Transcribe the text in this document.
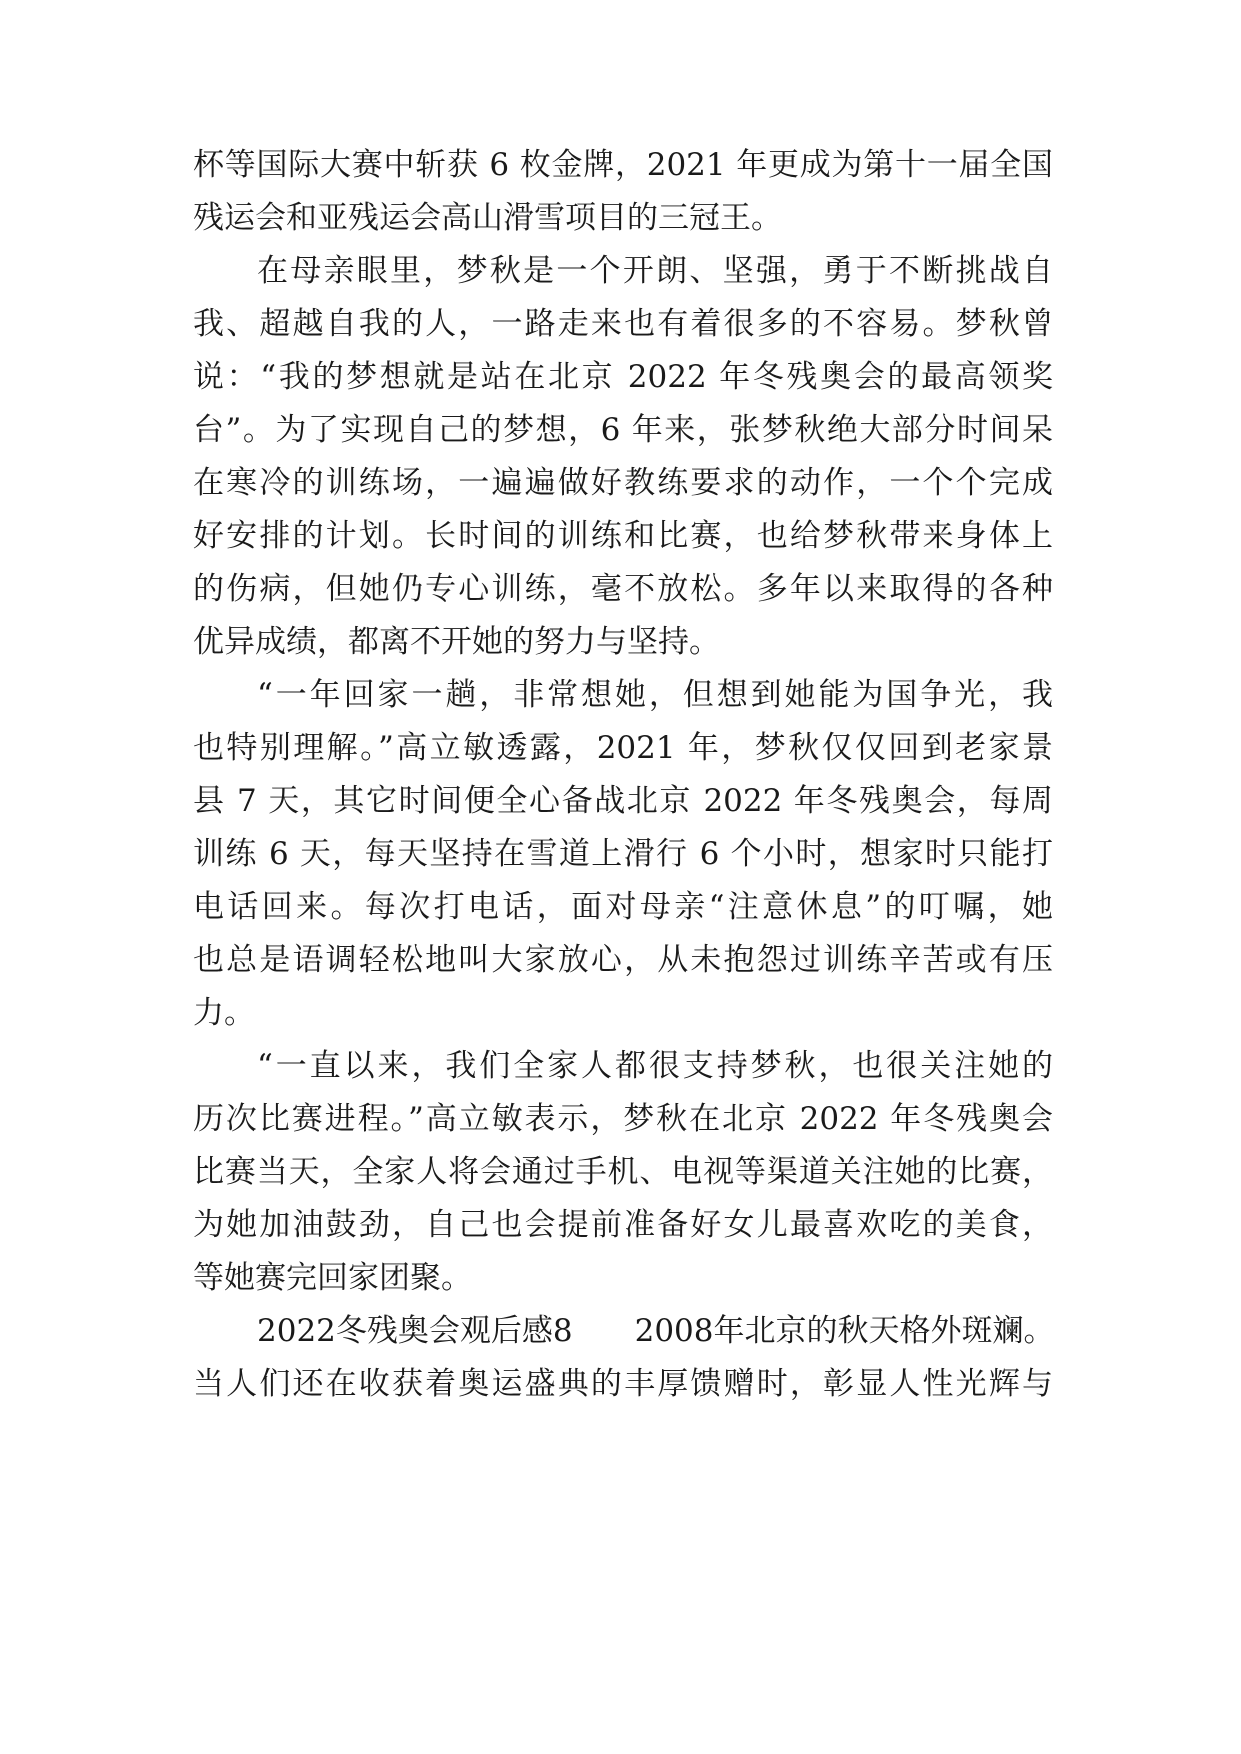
杯等国际大赛中斩获 6 枚金牌，2021 年更成为第十一届全国
残运会和亚残运会高山滑雪项目的三冠王。
在母亲眼里，梦秋是一个开朗、坚强，勇于不断挑战自
我、超越自我的人，一路走来也有着很多的不容易。梦秋曾
说：“我的梦想就是站在北京 2022 年冬残奥会的最高领奖
台”。为了实现自己的梦想，6 年来，张梦秋绝大部分时间呆
在寒冷的训练场，一遍遍做好教练要求的动作，一个个完成
好安排的计划。长时间的训练和比赛，也给梦秋带来身体上
的伤病，但她仍专心训练，毫不放松。多年以来取得的各种
优异成绩，都离不开她的努力与坚持。
“一年回家一趟，非常想她，但想到她能为国争光，我
也特别理解。”高立敏透露，2021 年，梦秋仅仅回到老家景
县 7 天，其它时间便全心备战北京 2022 年冬残奥会，每周
训练 6 天，每天坚持在雪道上滑行 6 个小时，想家时只能打
电话回来。每次打电话，面对母亲“注意休息”的叮嘱，她
也总是语调轻松地叫大家放心，从未抱怨过训练辛苦或有压
力。
“一直以来，我们全家人都很支持梦秋，也很关注她的
历次比赛进程。”高立敏表示，梦秋在北京 2022 年冬残奥会
比赛当天，全家人将会通过手机、电视等渠道关注她的比赛，
为她加油鼓劲，自己也会提前准备好女儿最喜欢吃的美食，
等她赛完回家团聚。
2022冬残奥会观后感8　　2008年北京的秋天格外斑斓。
当人们还在收获着奥运盛典的丰厚馈赠时，彰显人性光辉与
